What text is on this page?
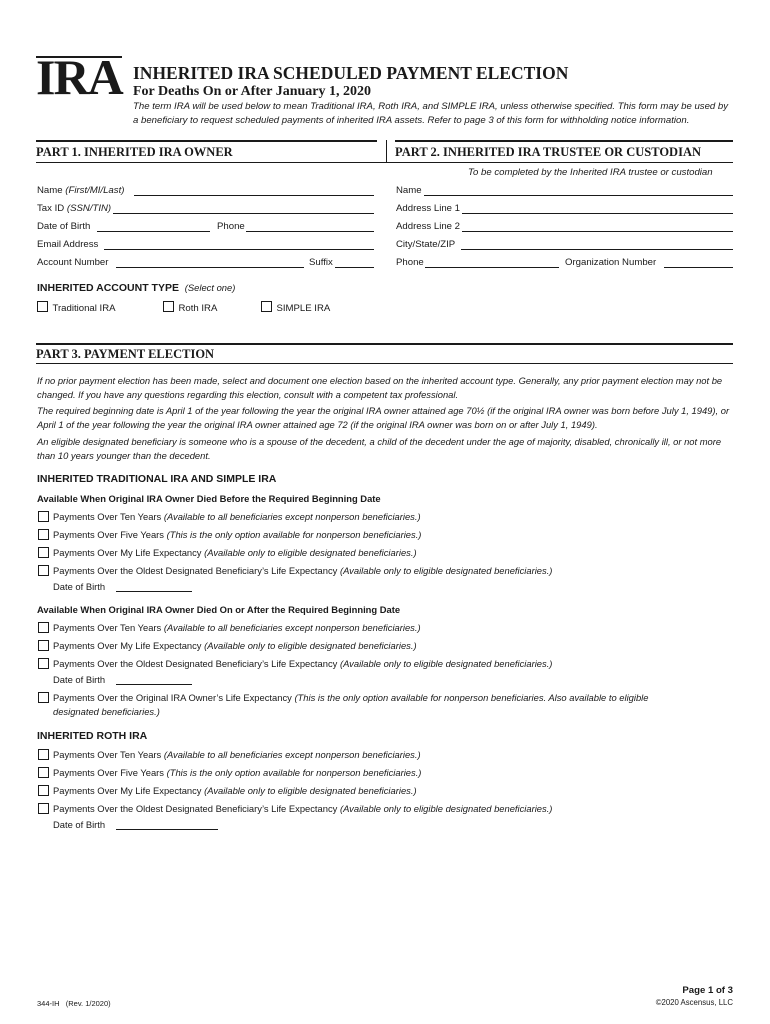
IRA INHERITED IRA SCHEDULED PAYMENT ELECTION
For Deaths On or After January 1, 2020
The term IRA will be used below to mean Traditional IRA, Roth IRA, and SIMPLE IRA, unless otherwise specified. This form may be used by a beneficiary to request scheduled payments of inherited IRA assets. Refer to page 3 of this form for withholding notice information.
PART 1. INHERITED IRA OWNER	PART 2. INHERITED IRA TRUSTEE OR CUSTODIAN
To be completed by the Inherited IRA trustee or custodian
Name (First/MI/Last)
Tax ID (SSN/TIN)
Date of Birth	Phone
Email Address
Account Number	Suffix
INHERITED ACCOUNT TYPE (Select one)
Traditional IRA	Roth IRA	SIMPLE IRA
Name
Address Line 1
Address Line 2
City/State/ZIP
Phone	Organization Number
PART 3. PAYMENT ELECTION
If no prior payment election has been made, select and document one election based on the inherited account type. Generally, any prior payment election may not be changed. If you have any questions regarding this election, consult with a competent tax professional.
The required beginning date is April 1 of the year following the year the original IRA owner attained age 70½ (if the original IRA owner was born before July 1, 1949), or April 1 of the year following the year the original IRA owner attained age 72 (if the original IRA owner was born on or after July 1, 1949).
An eligible designated beneficiary is someone who is a spouse of the decedent, a child of the decedent under the age of majority, disabled, chronically ill, or not more than 10 years younger than the decedent.
INHERITED TRADITIONAL IRA AND SIMPLE IRA
Available When Original IRA Owner Died Before the Required Beginning Date
Payments Over Ten Years (Available to all beneficiaries except nonperson beneficiaries.)
Payments Over Five Years (This is the only option available for nonperson beneficiaries.)
Payments Over My Life Expectancy (Available only to eligible designated beneficiaries.)
Payments Over the Oldest Designated Beneficiary’s Life Expectancy (Available only to eligible designated beneficiaries.)
Date of Birth
Available When Original IRA Owner Died On or After the Required Beginning Date
Payments Over Ten Years (Available to all beneficiaries except nonperson beneficiaries.)
Payments Over My Life Expectancy (Available only to eligible designated beneficiaries.)
Payments Over the Oldest Designated Beneficiary’s Life Expectancy (Available only to eligible designated beneficiaries.)
Date of Birth
Payments Over the Original IRA Owner’s Life Expectancy (This is the only option available for nonperson beneficiaries. Also available to eligible
designated beneficiaries.)
INHERITED ROTH IRA
Payments Over Ten Years (Available to all beneficiaries except nonperson beneficiaries.)
Payments Over Five Years (This is the only option available for nonperson beneficiaries.)
Payments Over My Life Expectancy (Available only to eligible designated beneficiaries.)
Payments Over the Oldest Designated Beneficiary’s Life Expectancy (Available only to eligible designated beneficiaries.)
Date of Birth
344-IH   (Rev. 1/2020)
Page 1 of 3
©2020 Ascensus, LLC
